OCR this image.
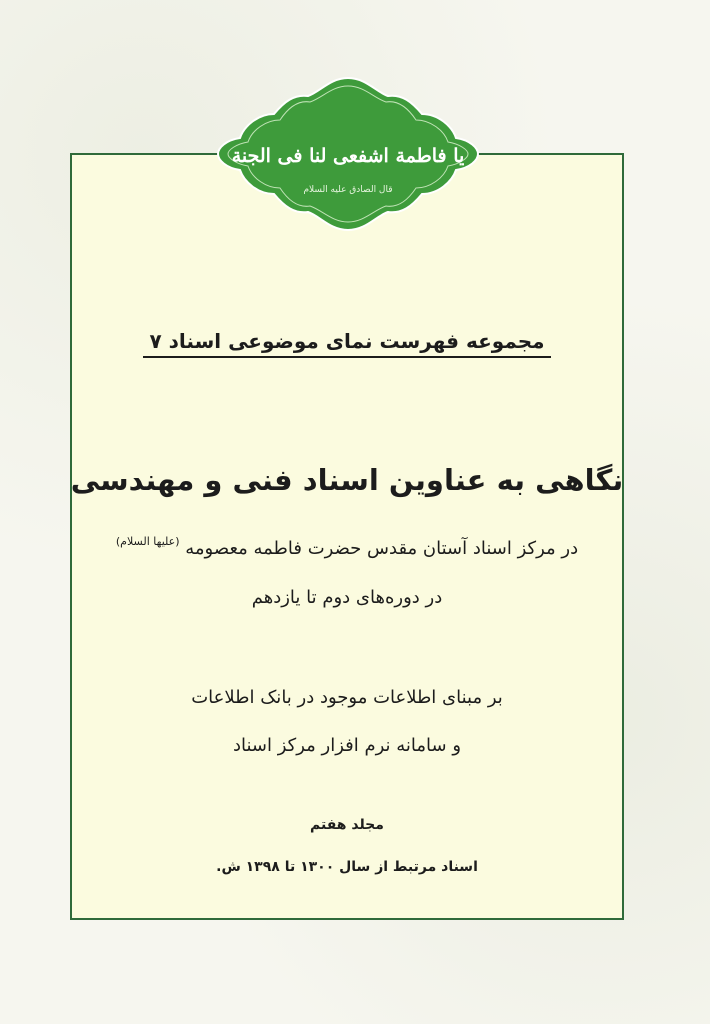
یا فاطمة اشفعی لنا فی الجنة
قال الصادق علیه السلام
مجموعه فهرست نمای موضوعی اسناد ۷
نگاهی به عناوین اسناد فنی و مهندسی
در مرکز اسناد آستان مقدس حضرت فاطمه معصومه $^{(علیها السلام)}$
در دوره‌های دوم تا یازدهم
بر مبنای اطلاعات موجود در بانک اطلاعات
و سامانه نرم افزار مرکز اسناد
مجلد هفتم
اسناد مرتبط از سال ۱۳۰۰ تا ۱۳۹۸ ش.
